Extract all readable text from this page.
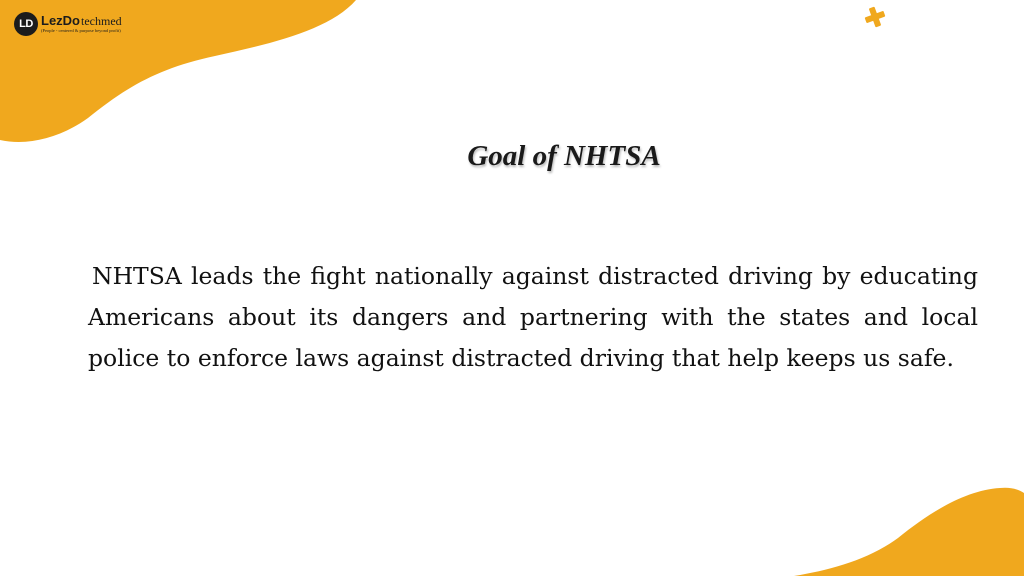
LD LezDo techmed
(People - centered & purpose beyond profit)
Goal of NHTSA

NHTSA leads the fight nationally against distracted driving by educating Americans about its dangers and partnering with the states and local police to enforce laws against distracted driving that help keeps us safe.
